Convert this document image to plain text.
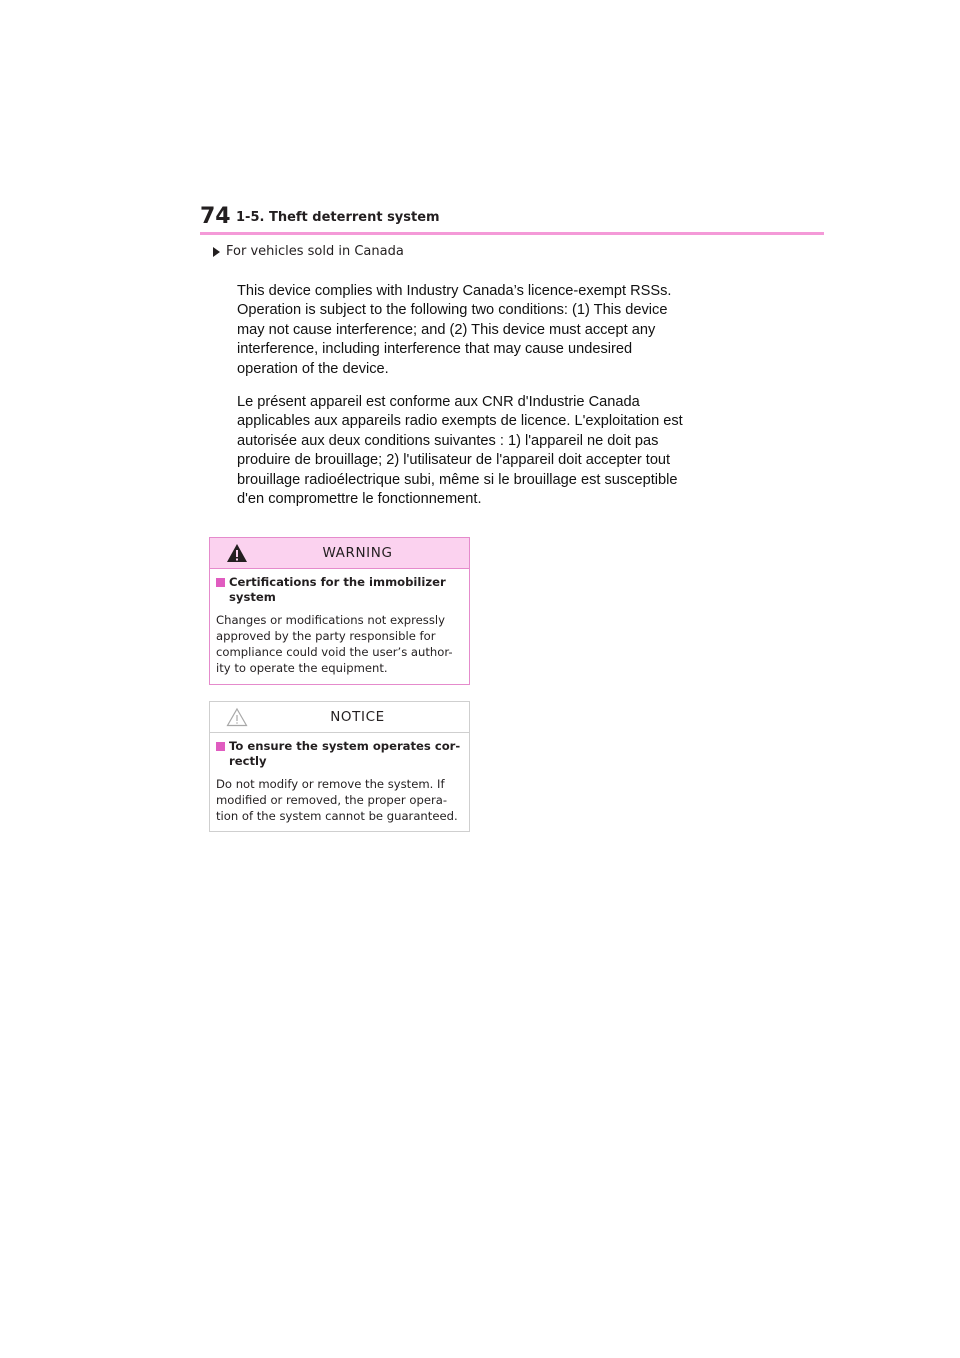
74 1-5. Theft deterrent system
For vehicles sold in Canada
This device complies with Industry Canada’s licence-exempt RSSs.
Operation is subject to the following two conditions: (1) This device
may not cause interference; and (2) This device must accept any
interference, including interference that may cause undesired
operation of the device.
Le présent appareil est conforme aux CNR d'Industrie Canada
applicables aux appareils radio exempts de licence. L'exploitation est
autorisée aux deux conditions suivantes : 1) l'appareil ne doit pas
produire de brouillage; 2) l'utilisateur de l'appareil doit accepter tout
brouillage radioélectrique subi, même si le brouillage est susceptible
d'en compromettre le fonctionnement.
WARNING
Certifications for the immobilizer
system
Changes or modifications not expressly
approved by the party responsible for
compliance could void the user’s author-
ity to operate the equipment.
NOTICE
To ensure the system operates cor-
rectly
Do not modify or remove the system. If
modified or removed, the proper opera-
tion of the system cannot be guaranteed.
